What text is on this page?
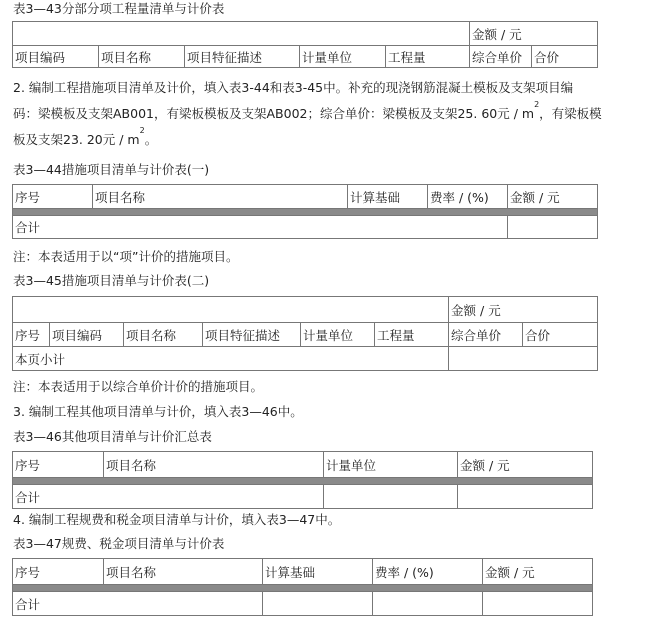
表3—43分部分项工程量清单与计价表
					金额 / 元	
项目编码	项目名称	项目特征描述	计量单位	工程量	综合单价	合价
2. 编制工程措施项目清单及计价，填入表3-44和表3-45中。补充的现浇钢筋混凝土模板及支架项目编
码：梁模板及支架AB001，有梁板模板及支架AB002；综合单价：梁模板及支架25. 60元 / $m^2$，有梁板模
板及支架23. 20元 / $m^2$。
表3—44措施项目清单与计价表(一)
序号	项目名称	计算基础	费率 / (%)	金额 / 元

合计				
注：本表适用于以“项”计价的措施项目。
表3—45措施项目清单与计价表(二)
						金额 / 元	
序号	项目编码	项目名称	项目特征描述	计量单位	工程量	综合单价	合价
本页小计							
注：本表适用于以综合单价计价的措施项目。
3. 编制工程其他项目清单与计价，填入表3—46中。
表3—46其他项目清单与计价汇总表
序号	项目名称	计量单位	金额 / 元

合计			
4. 编制工程规费和税金项目清单与计价，填入表3—47中。
表3—47规费、税金项目清单与计价表
序号	项目名称	计算基础	费率 / (%)	金额 / 元

合计				
